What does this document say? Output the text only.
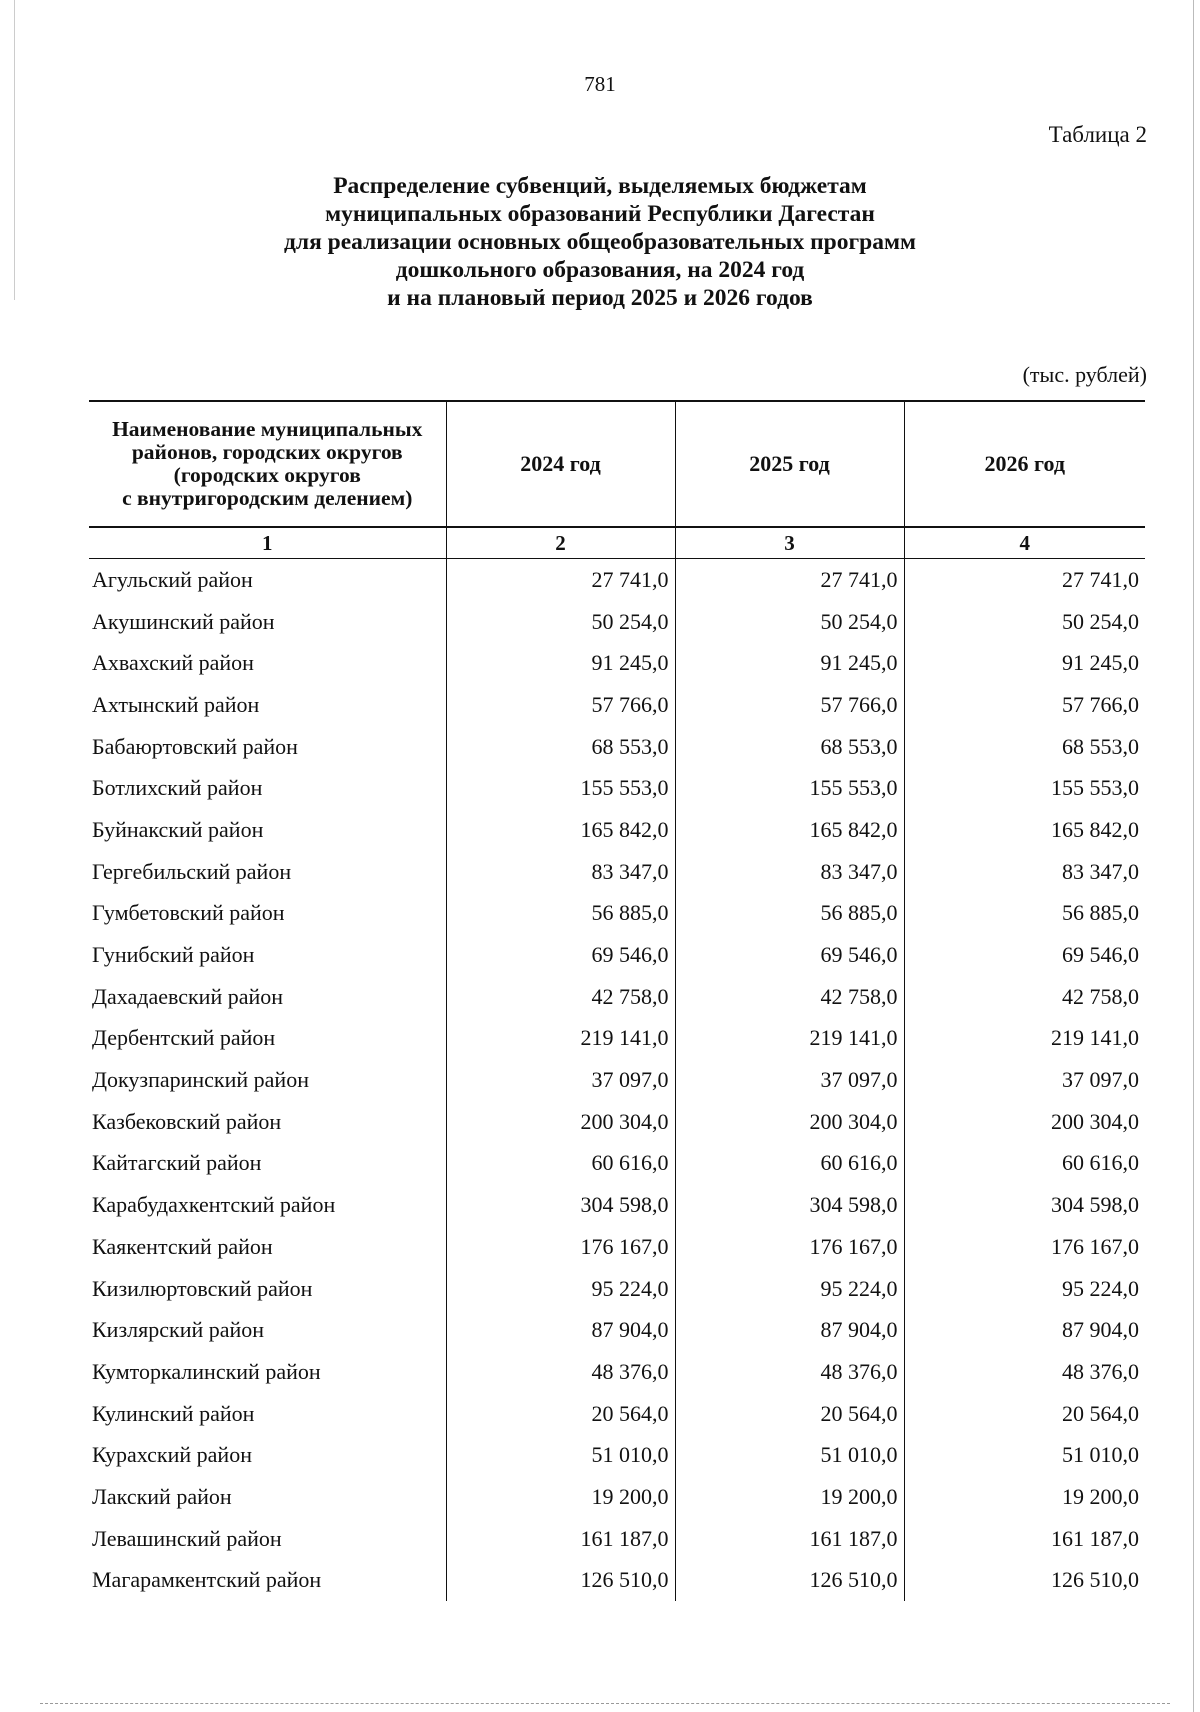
781
Таблица 2
Распределение субвенций, выделяемых бюджетам
муниципальных образований Республики Дагестан
для реализации основных общеобразовательных программ
дошкольного образования, на 2024 год
и на плановый период 2025 и 2026 годов
(тыс. рублей)
Наименование муниципальных
районов, городских округов
(городских округов
с внутригородским делением)	2024 год	2025 год	2026 год
1	2	3	4
Агульский район	27 741,0	27 741,0	27 741,0
Акушинский район	50 254,0	50 254,0	50 254,0
Ахвахский район	91 245,0	91 245,0	91 245,0
Ахтынский район	57 766,0	57 766,0	57 766,0
Бабаюртовский район	68 553,0	68 553,0	68 553,0
Ботлихский район	155 553,0	155 553,0	155 553,0
Буйнакский район	165 842,0	165 842,0	165 842,0
Гергебильский район	83 347,0	83 347,0	83 347,0
Гумбетовский район	56 885,0	56 885,0	56 885,0
Гунибский район	69 546,0	69 546,0	69 546,0
Дахадаевский район	42 758,0	42 758,0	42 758,0
Дербентский район	219 141,0	219 141,0	219 141,0
Докузпаринский район	37 097,0	37 097,0	37 097,0
Казбековский район	200 304,0	200 304,0	200 304,0
Кайтагский район	60 616,0	60 616,0	60 616,0
Карабудахкентский район	304 598,0	304 598,0	304 598,0
Каякентский район	176 167,0	176 167,0	176 167,0
Кизилюртовский район	95 224,0	95 224,0	95 224,0
Кизлярский район	87 904,0	87 904,0	87 904,0
Кумторкалинский район	48 376,0	48 376,0	48 376,0
Кулинский район	20 564,0	20 564,0	20 564,0
Курахский район	51 010,0	51 010,0	51 010,0
Лакский район	19 200,0	19 200,0	19 200,0
Левашинский район	161 187,0	161 187,0	161 187,0
Магарамкентский район	126 510,0	126 510,0	126 510,0
